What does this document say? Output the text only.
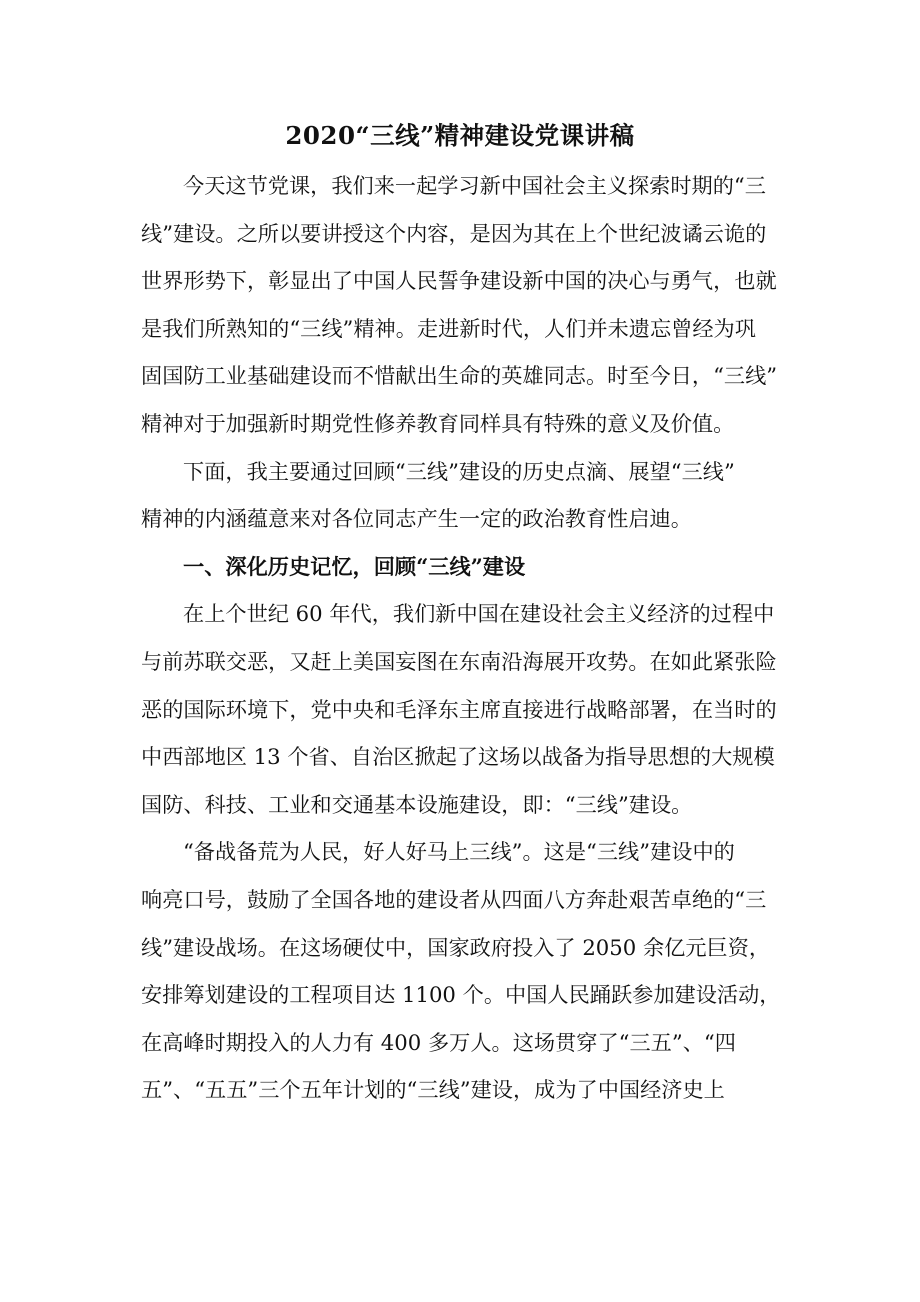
2020“三线”精神建设党课讲稿
今天这节党课，我们来一起学习新中国社会主义探索时期的“三
线”建设。之所以要讲授这个内容，是因为其在上个世纪波谲云诡的
世界形势下，彰显出了中国人民誓争建设新中国的决心与勇气，也就
是我们所熟知的“三线”精神。走进新时代，人们并未遗忘曾经为巩
固国防工业基础建设而不惜献出生命的英雄同志。时至今日，“三线”
精神对于加强新时期党性修养教育同样具有特殊的意义及价值。
下面，我主要通过回顾“三线”建设的历史点滴、展望“三线”
精神的内涵蕴意来对各位同志产生一定的政治教育性启迪。
一、深化历史记忆，回顾“三线”建设
在上个世纪 60 年代，我们新中国在建设社会主义经济的过程中
与前苏联交恶，又赶上美国妄图在东南沿海展开攻势。在如此紧张险
恶的国际环境下，党中央和毛泽东主席直接进行战略部署，在当时的
中西部地区 13 个省、自治区掀起了这场以战备为指导思想的大规模
国防、科技、工业和交通基本设施建设，即：“三线”建设。
“备战备荒为人民，好人好马上三线”。这是“三线”建设中的
响亮口号，鼓励了全国各地的建设者从四面八方奔赴艰苦卓绝的“三
线”建设战场。在这场硬仗中，国家政府投入了 2050 余亿元巨资，
安排筹划建设的工程项目达 1100 个。中国人民踊跃参加建设活动，
在高峰时期投入的人力有 400 多万人。这场贯穿了“三五”、“四
五”、“五五”三个五年计划的“三线”建设，成为了中国经济史上
